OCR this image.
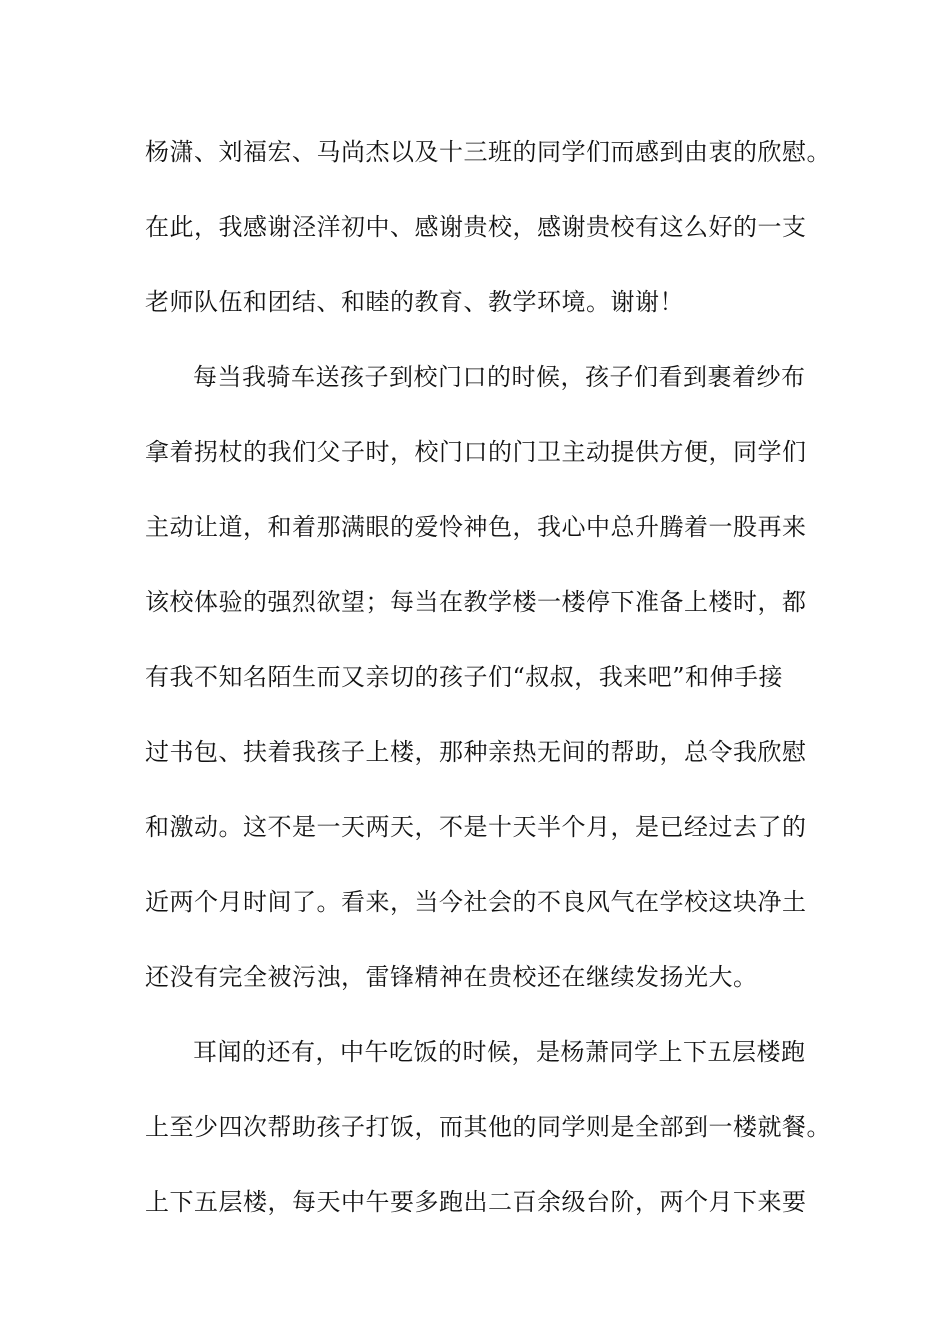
杨潇、刘福宏、马尚杰以及十三班的同学们而感到由衷的欣慰。
在此，我感谢泾洋初中、感谢贵校，感谢贵校有这么好的一支
老师队伍和团结、和睦的教育、教学环境。谢谢！
每当我骑车送孩子到校门口的时候，孩子们看到裹着纱布
拿着拐杖的我们父子时，校门口的门卫主动提供方便，同学们
主动让道，和着那满眼的爱怜神色，我心中总升腾着一股再来
该校体验的强烈欲望；每当在教学楼一楼停下准备上楼时，都
有我不知名陌生而又亲切的孩子们“叔叔，我来吧”和伸手接
过书包、扶着我孩子上楼，那种亲热无间的帮助，总令我欣慰
和激动。这不是一天两天，不是十天半个月，是已经过去了的
近两个月时间了。看来，当今社会的不良风气在学校这块净土
还没有完全被污浊，雷锋精神在贵校还在继续发扬光大。
耳闻的还有，中午吃饭的时候，是杨萧同学上下五层楼跑
上至少四次帮助孩子打饭，而其他的同学则是全部到一楼就餐。
上下五层楼，每天中午要多跑出二百余级台阶，两个月下来要
